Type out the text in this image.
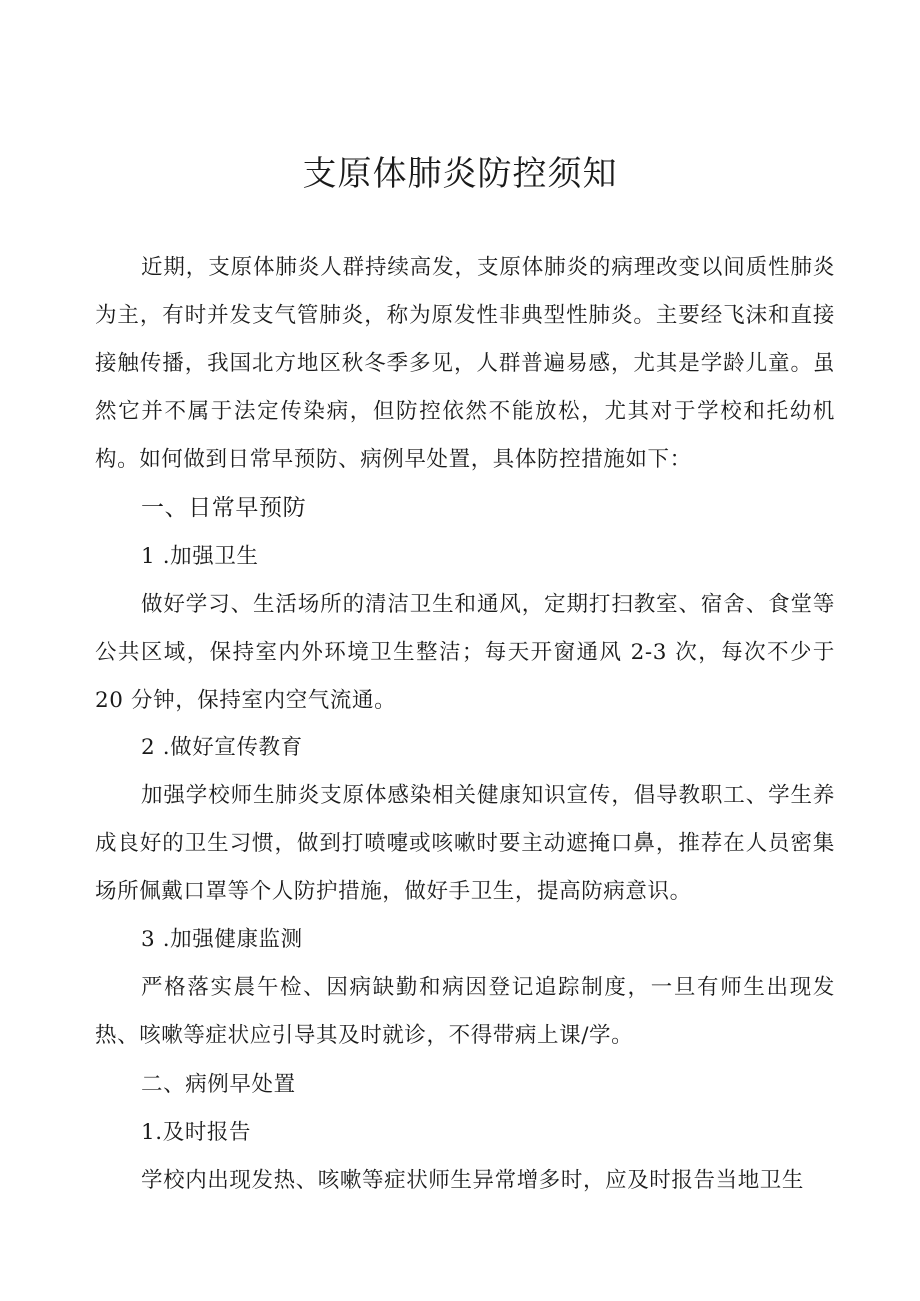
支原体肺炎防控须知

近期，支原体肺炎人群持续高发，支原体肺炎的病理改变以间质性肺炎为主，有时并发支气管肺炎，称为原发性非典型性肺炎。主要经飞沫和直接接触传播，我国北方地区秋冬季多见，人群普遍易感，尤其是学龄儿童。虽然它并不属于法定传染病，但防控依然不能放松，尤其对于学校和托幼机构。如何做到日常早预防、病例早处置，具体防控措施如下：

一、日常早预防
1 .加强卫生

做好学习、生活场所的清洁卫生和通风，定期打扫教室、宿舍、食堂等公共区域，保持室内外环境卫生整洁；每天开窗通风 2-3 次，每次不少于 20 分钟，保持室内空气流通。

2 .做好宣传教育

加强学校师生肺炎支原体感染相关健康知识宣传，倡导教职工、学生养成良好的卫生习惯，做到打喷嚏或咳嗽时要主动遮掩口鼻，推荐在人员密集场所佩戴口罩等个人防护措施，做好手卫生，提高防病意识。

3 .加强健康监测

严格落实晨午检、因病缺勤和病因登记追踪制度，一旦有师生出现发热、咳嗽等症状应引导其及时就诊，不得带病上课/学。

二、病例早处置
1.及时报告

学校内出现发热、咳嗽等症状师生异常增多时，应及时报告当地卫生
